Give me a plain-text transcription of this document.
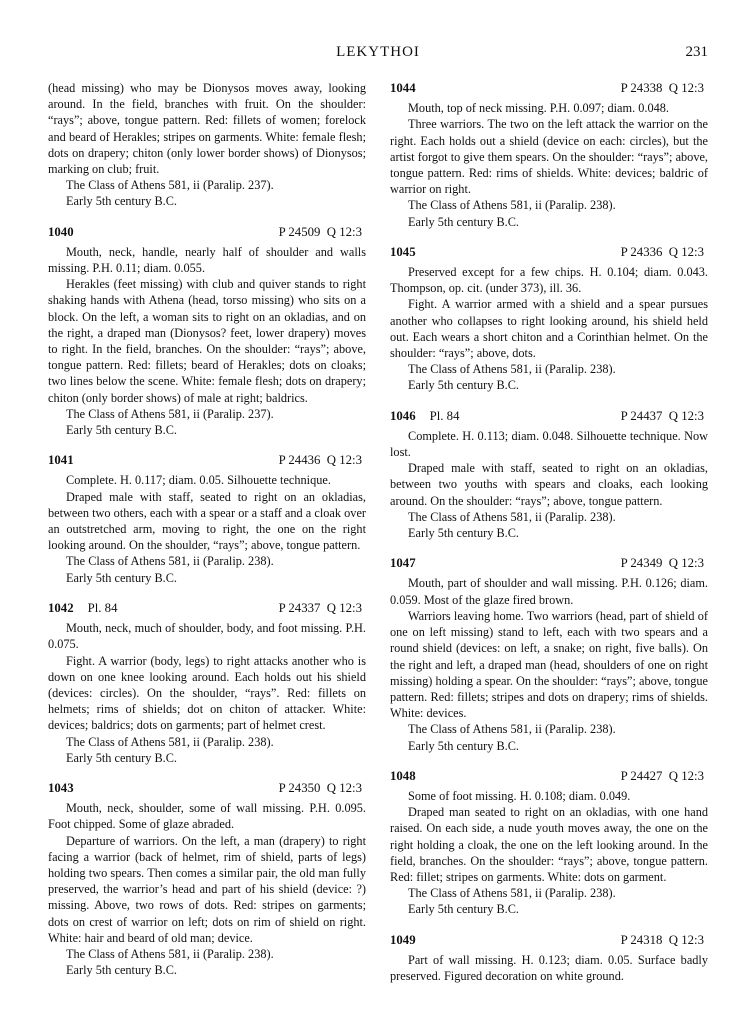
LEKYTHOI	231

(head missing) who may be Dionysos moves away, looking around. In the field, branches with fruit. On the shoulder: “rays”; above, tongue pattern. Red: fillets of women; forelock and beard of Herakles; stripes on garments. White: female flesh; dots on drapery; chiton (only lower border shows) of Dionysos; marking on club; fruit.

The Class of Athens 581, ii (Paralip. 237).

Early 5th century B.C.

1040	P 24509  Q 12:3

Mouth, neck, handle, nearly half of shoulder and walls missing. P.H. 0.11; diam. 0.055.

Herakles (feet missing) with club and quiver stands to right shaking hands with Athena (head, torso missing) who sits on a block. On the left, a woman sits to right on an okladias, and on the right, a draped man (Dionysos? feet, lower drapery) moves to right. In the field, branches. On the shoulder: “rays”; above, tongue pattern. Red: fillets; beard of Herakles; dots on cloaks; two lines below the scene. White: female flesh; dots on drapery; chiton (only border shows) of male at right; baldrics.

The Class of Athens 581, ii (Paralip. 237).

Early 5th century B.C.

1041	P 24436  Q 12:3

Complete. H. 0.117; diam. 0.05. Silhouette technique.

Draped male with staff, seated to right on an okladias, between two others, each with a spear or a staff and a cloak over an outstretched arm, moving to right, the one on the right looking around. On the shoulder, “rays”; above, tongue pattern.

The Class of Athens 581, ii (Paralip. 238).

Early 5th century B.C.

1042 Pl. 84	P 24337  Q 12:3

Mouth, neck, much of shoulder, body, and foot missing. P.H. 0.075.

Fight. A warrior (body, legs) to right attacks another who is down on one knee looking around. Each holds out his shield (devices: circles). On the shoulder, “rays”. Red: fillets on helmets; rims of shields; dot on chiton of attacker. White: devices; baldrics; dots on garments; part of helmet crest.

The Class of Athens 581, ii (Paralip. 238).

Early 5th century B.C.

1043	P 24350  Q 12:3

Mouth, neck, shoulder, some of wall missing. P.H. 0.095. Foot chipped. Some of glaze abraded.

Departure of warriors. On the left, a man (drapery) to right facing a warrior (back of helmet, rim of shield, parts of legs) holding two spears. Then comes a similar pair, the old man fully preserved, the warrior’s head and part of his shield (device: ?) missing. Above, two rows of dots. Red: stripes on garments; dots on crest of warrior on left; dots on rim of shield on right. White: hair and beard of old man; device.

The Class of Athens 581, ii (Paralip. 238).

Early 5th century B.C.

1044	P 24338  Q 12:3

Mouth, top of neck missing. P.H. 0.097; diam. 0.048.

Three warriors. The two on the left attack the warrior on the right. Each holds out a shield (device on each: circles), but the artist forgot to give them spears. On the shoulder: “rays”; above, tongue pattern. Red: rims of shields. White: devices; baldric of warrior on right.

The Class of Athens 581, ii (Paralip. 238).

Early 5th century B.C.

1045	P 24336  Q 12:3

Preserved except for a few chips. H. 0.104; diam. 0.043. Thompson, op. cit. (under 373), ill. 36.

Fight. A warrior armed with a shield and a spear pursues another who collapses to right looking around, his shield held out. Each wears a short chiton and a Corinthian helmet. On the shoulder: “rays”; above, dots.

The Class of Athens 581, ii (Paralip. 238).

Early 5th century B.C.

1046 Pl. 84	P 24437  Q 12:3

Complete. H. 0.113; diam. 0.048. Silhouette technique. Now lost.

Draped male with staff, seated to right on an okladias, between two youths with spears and cloaks, each looking around. On the shoulder: “rays”; above, tongue pattern.

The Class of Athens 581, ii (Paralip. 238).

Early 5th century B.C.

1047	P 24349  Q 12:3

Mouth, part of shoulder and wall missing. P.H. 0.126; diam. 0.059. Most of the glaze fired brown.

Warriors leaving home. Two warriors (head, part of shield of one on left missing) stand to left, each with two spears and a round shield (devices: on left, a snake; on right, five balls). On the right and left, a draped man (head, shoulders of one on right missing) holding a spear. On the shoulder: “rays”; above, tongue pattern. Red: fillets; stripes and dots on drapery; rims of shields. White: devices.

The Class of Athens 581, ii (Paralip. 238).

Early 5th century B.C.

1048	P 24427  Q 12:3

Some of foot missing. H. 0.108; diam. 0.049.

Draped man seated to right on an okladias, with one hand raised. On each side, a nude youth moves away, the one on the right holding a cloak, the one on the left looking around. In the field, branches. On the shoulder: “rays”; above, tongue pattern. Red: fillet; stripes on garments. White: dots on garment.

The Class of Athens 581, ii (Paralip. 238).

Early 5th century B.C.

1049	P 24318  Q 12:3

Part of wall missing. H. 0.123; diam. 0.05. Surface badly preserved. Figured decoration on white ground.
